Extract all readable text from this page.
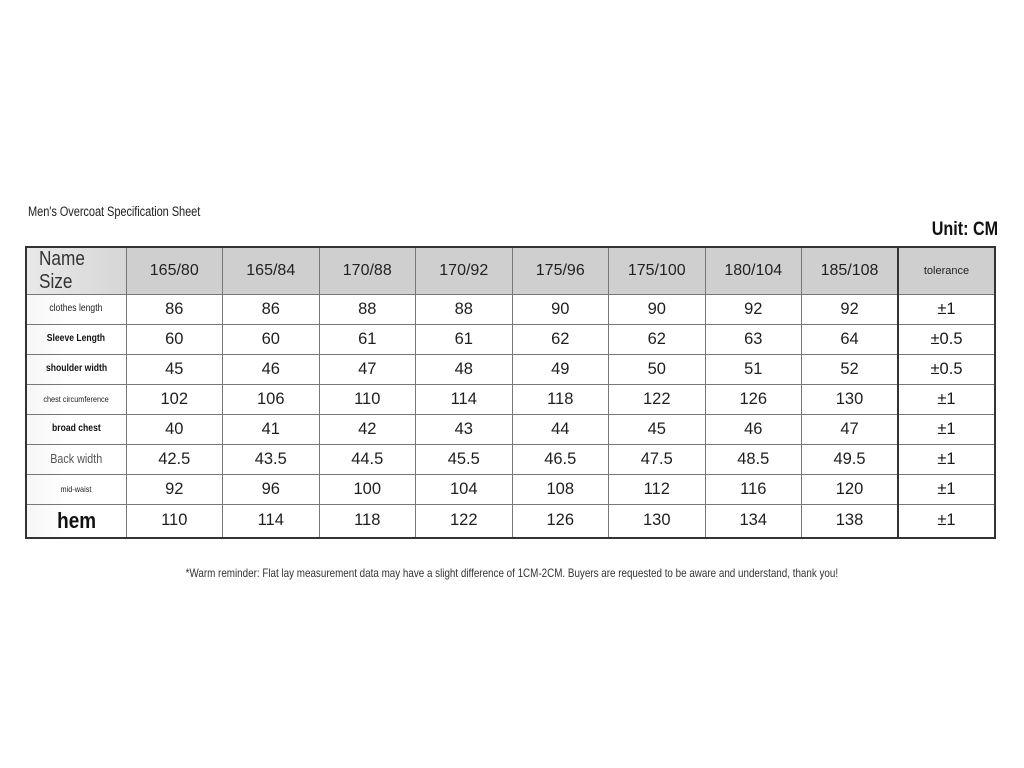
Men's Overcoat Specification Sheet
Unit: CM
Name Size	165/80	165/84	170/88	170/92	175/96	175/100	180/104	185/108	tolerance
clothes length	86	86	88	88	90	90	92	92	±1
Sleeve Length	60	60	61	61	62	62	63	64	±0.5
shoulder width	45	46	47	48	49	50	51	52	±0.5
chest circumference	102	106	110	114	118	122	126	130	±1
broad chest	40	41	42	43	44	45	46	47	±1
Back width	42.5	43.5	44.5	45.5	46.5	47.5	48.5	49.5	±1
mid-waist	92	96	100	104	108	112	116	120	±1
hem	110	114	118	122	126	130	134	138	±1
*Warm reminder: Flat lay measurement data may have a slight difference of 1CM-2CM. Buyers are requested to be aware and understand, thank you!
